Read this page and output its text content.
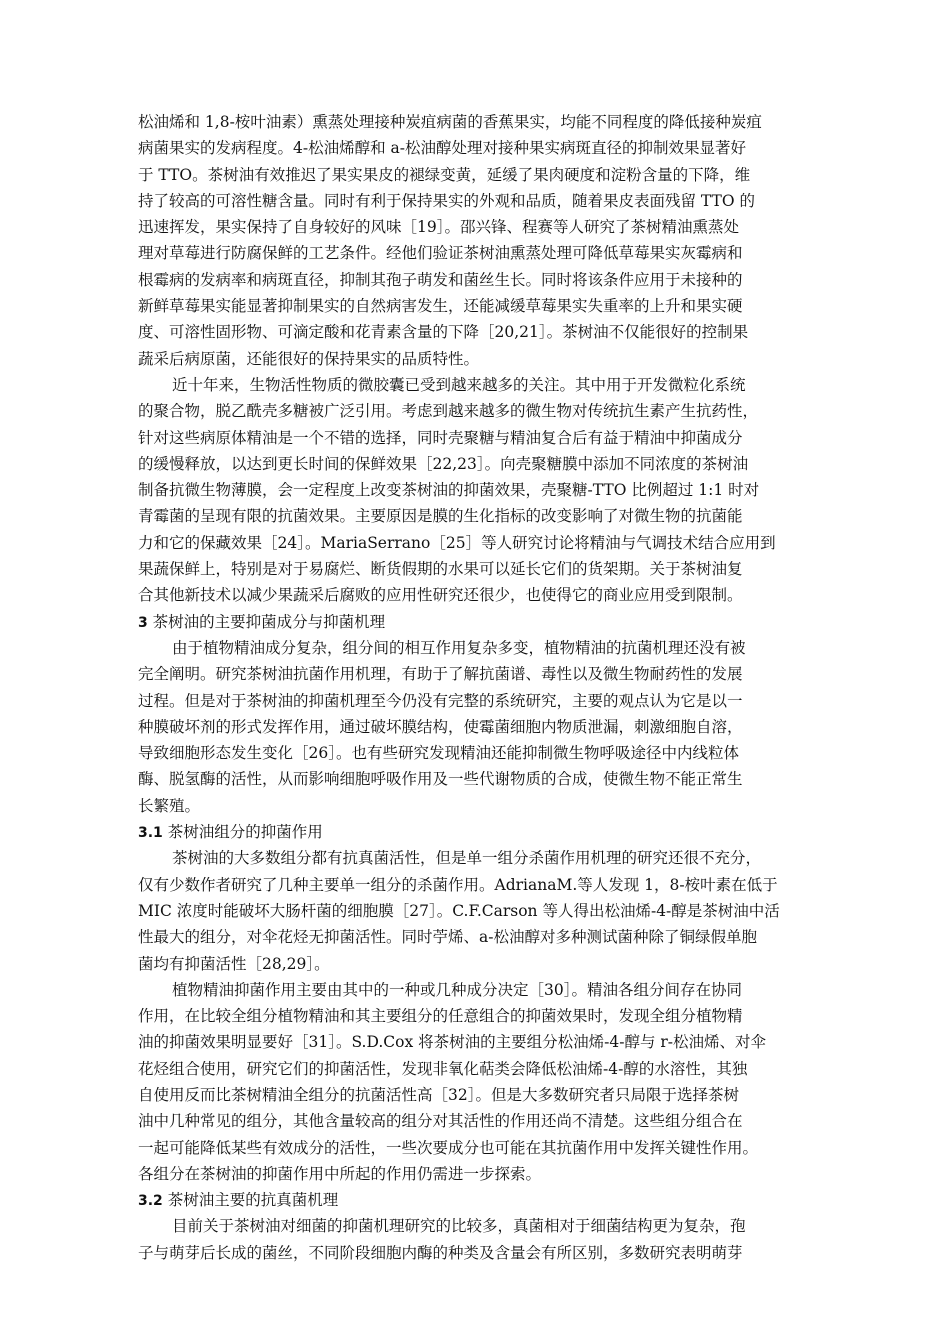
松油烯和 1,8-桉叶油素）熏蒸处理接种炭疽病菌的香蕉果实，均能不同程度的降低接种炭疽
病菌果实的发病程度。4-松油烯醇和 a-松油醇处理对接种果实病斑直径的抑制效果显著好
于 TTO。茶树油有效推迟了果实果皮的褪绿变黄，延缓了果肉硬度和淀粉含量的下降，维
持了较高的可溶性糖含量。同时有利于保持果实的外观和品质，随着果皮表面残留 TTO 的
迅速挥发，果实保持了自身较好的风味［19］。邵兴锋、程赛等人研究了茶树精油熏蒸处
理对草莓进行防腐保鲜的工艺条件。经他们验证茶树油熏蒸处理可降低草莓果实灰霉病和
根霉病的发病率和病斑直径，抑制其孢子萌发和菌丝生长。同时将该条件应用于未接种的
新鲜草莓果实能显著抑制果实的自然病害发生，还能减缓草莓果实失重率的上升和果实硬
度、可溶性固形物、可滴定酸和花青素含量的下降［20,21］。茶树油不仅能很好的控制果
蔬采后病原菌，还能很好的保持果实的品质特性。
近十年来，生物活性物质的微胶囊已受到越来越多的关注。其中用于开发微粒化系统
的聚合物，脱乙酰壳多糖被广泛引用。考虑到越来越多的微生物对传统抗生素产生抗药性，
针对这些病原体精油是一个不错的选择，同时壳聚糖与精油复合后有益于精油中抑菌成分
的缓慢释放，以达到更长时间的保鲜效果［22,23］。向壳聚糖膜中添加不同浓度的茶树油
制备抗微生物薄膜，会一定程度上改变茶树油的抑菌效果，壳聚糖-TTO 比例超过 1:1 时对
青霉菌的呈现有限的抗菌效果。主要原因是膜的生化指标的改变影响了对微生物的抗菌能
力和它的保藏效果［24］。MariaSerrano［25］等人研究讨论将精油与气调技术结合应用到
果蔬保鲜上，特别是对于易腐烂、断货假期的水果可以延长它们的货架期。关于茶树油复
合其他新技术以减少果蔬采后腐败的应用性研究还很少，也使得它的商业应用受到限制。
3 茶树油的主要抑菌成分与抑菌机理
由于植物精油成分复杂，组分间的相互作用复杂多变，植物精油的抗菌机理还没有被
完全阐明。研究茶树油抗菌作用机理，有助于了解抗菌谱、毒性以及微生物耐药性的发展
过程。但是对于茶树油的抑菌机理至今仍没有完整的系统研究，主要的观点认为它是以一
种膜破坏剂的形式发挥作用，通过破坏膜结构，使霉菌细胞内物质泄漏，刺激细胞自溶，
导致细胞形态发生变化［26］。也有些研究发现精油还能抑制微生物呼吸途径中内线粒体
酶、脱氢酶的活性，从而影响细胞呼吸作用及一些代谢物质的合成，使微生物不能正常生
长繁殖。
3.1 茶树油组分的抑菌作用
茶树油的大多数组分都有抗真菌活性，但是单一组分杀菌作用机理的研究还很不充分，
仅有少数作者研究了几种主要单一组分的杀菌作用。AdrianaM.等人发现 1，8-桉叶素在低于
MIC 浓度时能破坏大肠杆菌的细胞膜［27］。C.F.Carson 等人得出松油烯-4-醇是茶树油中活
性最大的组分，对伞花烃无抑菌活性。同时苧烯、a-松油醇对多种测试菌种除了铜绿假单胞
菌均有抑菌活性［28,29］。
植物精油抑菌作用主要由其中的一种或几种成分决定［30］。精油各组分间存在协同
作用，在比较全组分植物精油和其主要组分的任意组合的抑菌效果时，发现全组分植物精
油的抑菌效果明显要好［31］。S.D.Cox 将茶树油的主要组分松油烯-4-醇与 r-松油烯、对伞
花烃组合使用，研究它们的抑菌活性，发现非氧化萜类会降低松油烯-4-醇的水溶性，其独
自使用反而比茶树精油全组分的抗菌活性高［32］。但是大多数研究者只局限于选择茶树
油中几种常见的组分，其他含量较高的组分对其活性的作用还尚不清楚。这些组分组合在
一起可能降低某些有效成分的活性，一些次要成分也可能在其抗菌作用中发挥关键性作用。
各组分在茶树油的抑菌作用中所起的作用仍需进一步探索。
3.2 茶树油主要的抗真菌机理
目前关于茶树油对细菌的抑菌机理研究的比较多，真菌相对于细菌结构更为复杂，孢
子与萌芽后长成的菌丝，不同阶段细胞内酶的种类及含量会有所区别，多数研究表明萌芽
